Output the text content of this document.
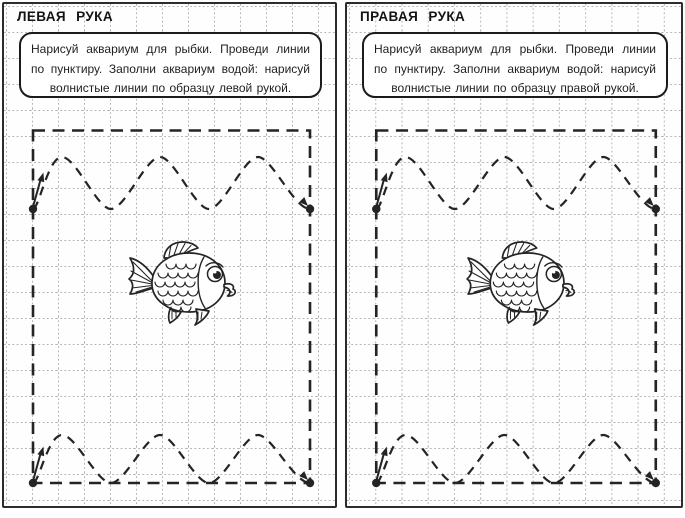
ЛЕВАЯ РУКА
Нарисуй аквариум для рыбки. Проведи линии
по пунктиру. Заполни аквариум водой: нарисуй
волнистые линии по образцу левой рукой.
ПРАВАЯ РУКА
Нарисуй аквариум для рыбки. Проведи линии
по пунктиру. Заполни аквариум водой: нарисуй
волнистые линии по образцу правой рукой.
